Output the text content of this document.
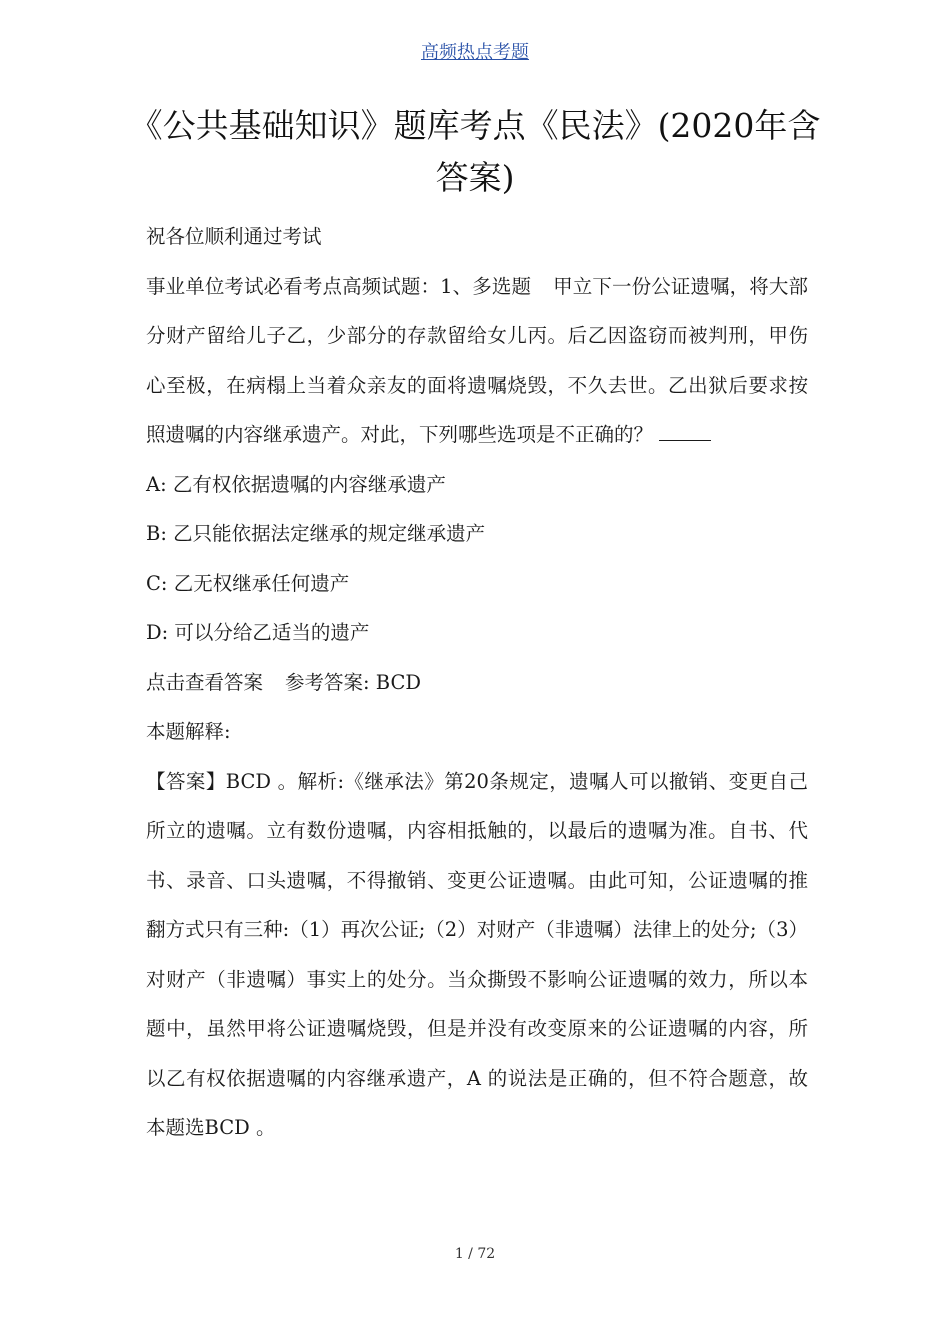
高频热点考题
《公共基础知识》题库考点《民法》(2020年含答案)

祝各位顺利通过考试

事业单位考试必看考点高频试题：1、多选题 甲立下一份公证遗嘱，将大部分财产留给儿子乙，少部分的存款留给女儿丙。后乙因盗窃而被判刑，甲伤心至极，在病榻上当着众亲友的面将遗嘱烧毁，不久去世。乙出狱后要求按照遗嘱的内容继承遗产。对此，下列哪些选项是不正确的？

A: 乙有权依据遗嘱的内容继承遗产

B: 乙只能依据法定继承的规定继承遗产

C: 乙无权继承任何遗产

D: 可以分给乙适当的遗产

点击查看答案 参考答案: BCD

本题解释:

【答案】BCD 。解析:《继承法》第20条规定，遗嘱人可以撤销、变更自己所立的遗嘱。立有数份遗嘱，内容相抵触的，以最后的遗嘱为准。自书、代书、录音、口头遗嘱，不得撤销、变更公证遗嘱。由此可知，公证遗嘱的推翻方式只有三种:（1）再次公证;（2）对财产（非遗嘱）法律上的处分;（3）对财产（非遗嘱）事实上的处分。当众撕毁不影响公证遗嘱的效力，所以本题中，虽然甲将公证遗嘱烧毁，但是并没有改变原来的公证遗嘱的内容，所以乙有权依据遗嘱的内容继承遗产，A 的说法是正确的，但不符合题意，故本题选BCD 。

1 / 72
